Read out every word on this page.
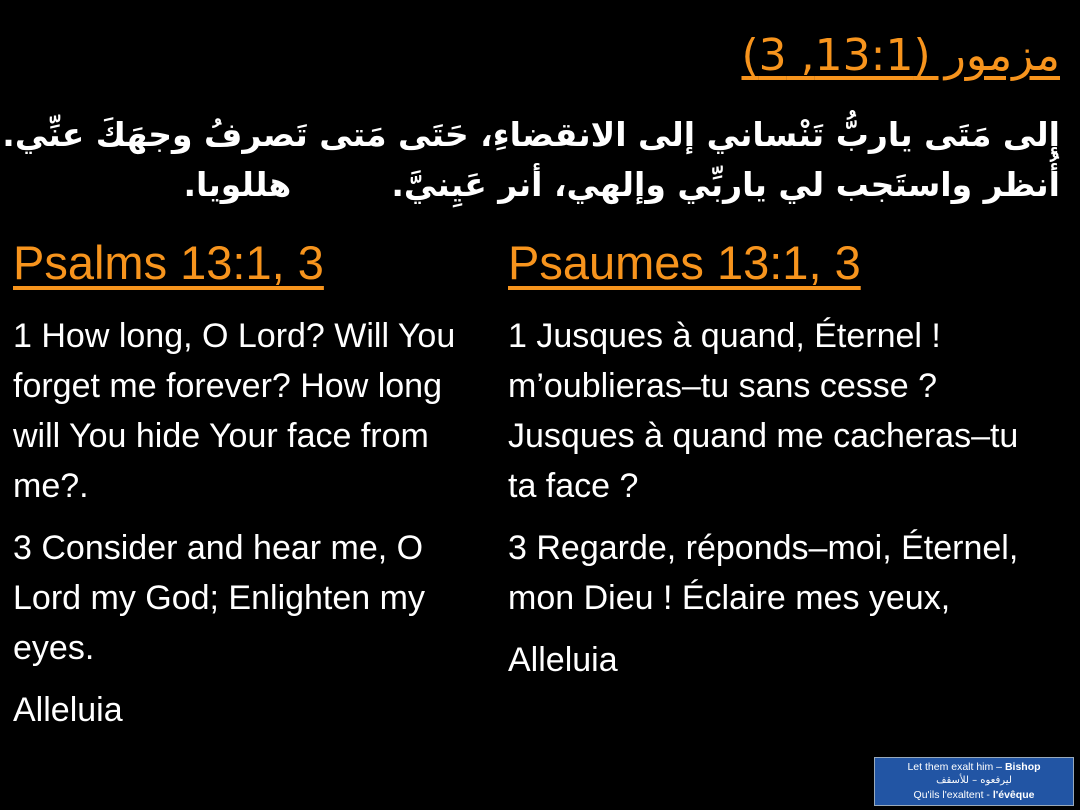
مزمور (13:1, 3)
إلى مَتَى ياربُّ تَنْساني إلى الانقضاءِ، حَتَى مَتى تَصرفُ وجهَكَ عنِّي.
أُنظر واستَجب لي ياربِّي وإلهي، أنر عَيِنيَّ.هللويا.
Psalms 13:1, 3

1 How long, O Lord? Will You forget me forever? How long will You hide Your face from me?.

3 Consider and hear me, O Lord my God; Enlighten my eyes.

Alleluia

Psaumes 13:1, 3

1 Jusques à quand, Éternel ! m’oublieras–tu sans cesse ? Jusques à quand me cacheras–tu ta face ?

3 Regarde, réponds–moi, Éternel, mon Dieu ! Éclaire mes yeux,

Alleluia

Let them exalt him – Bishop
ليرفعوه – للأسقف
Qu'ils l'exaltent - l'évêque
